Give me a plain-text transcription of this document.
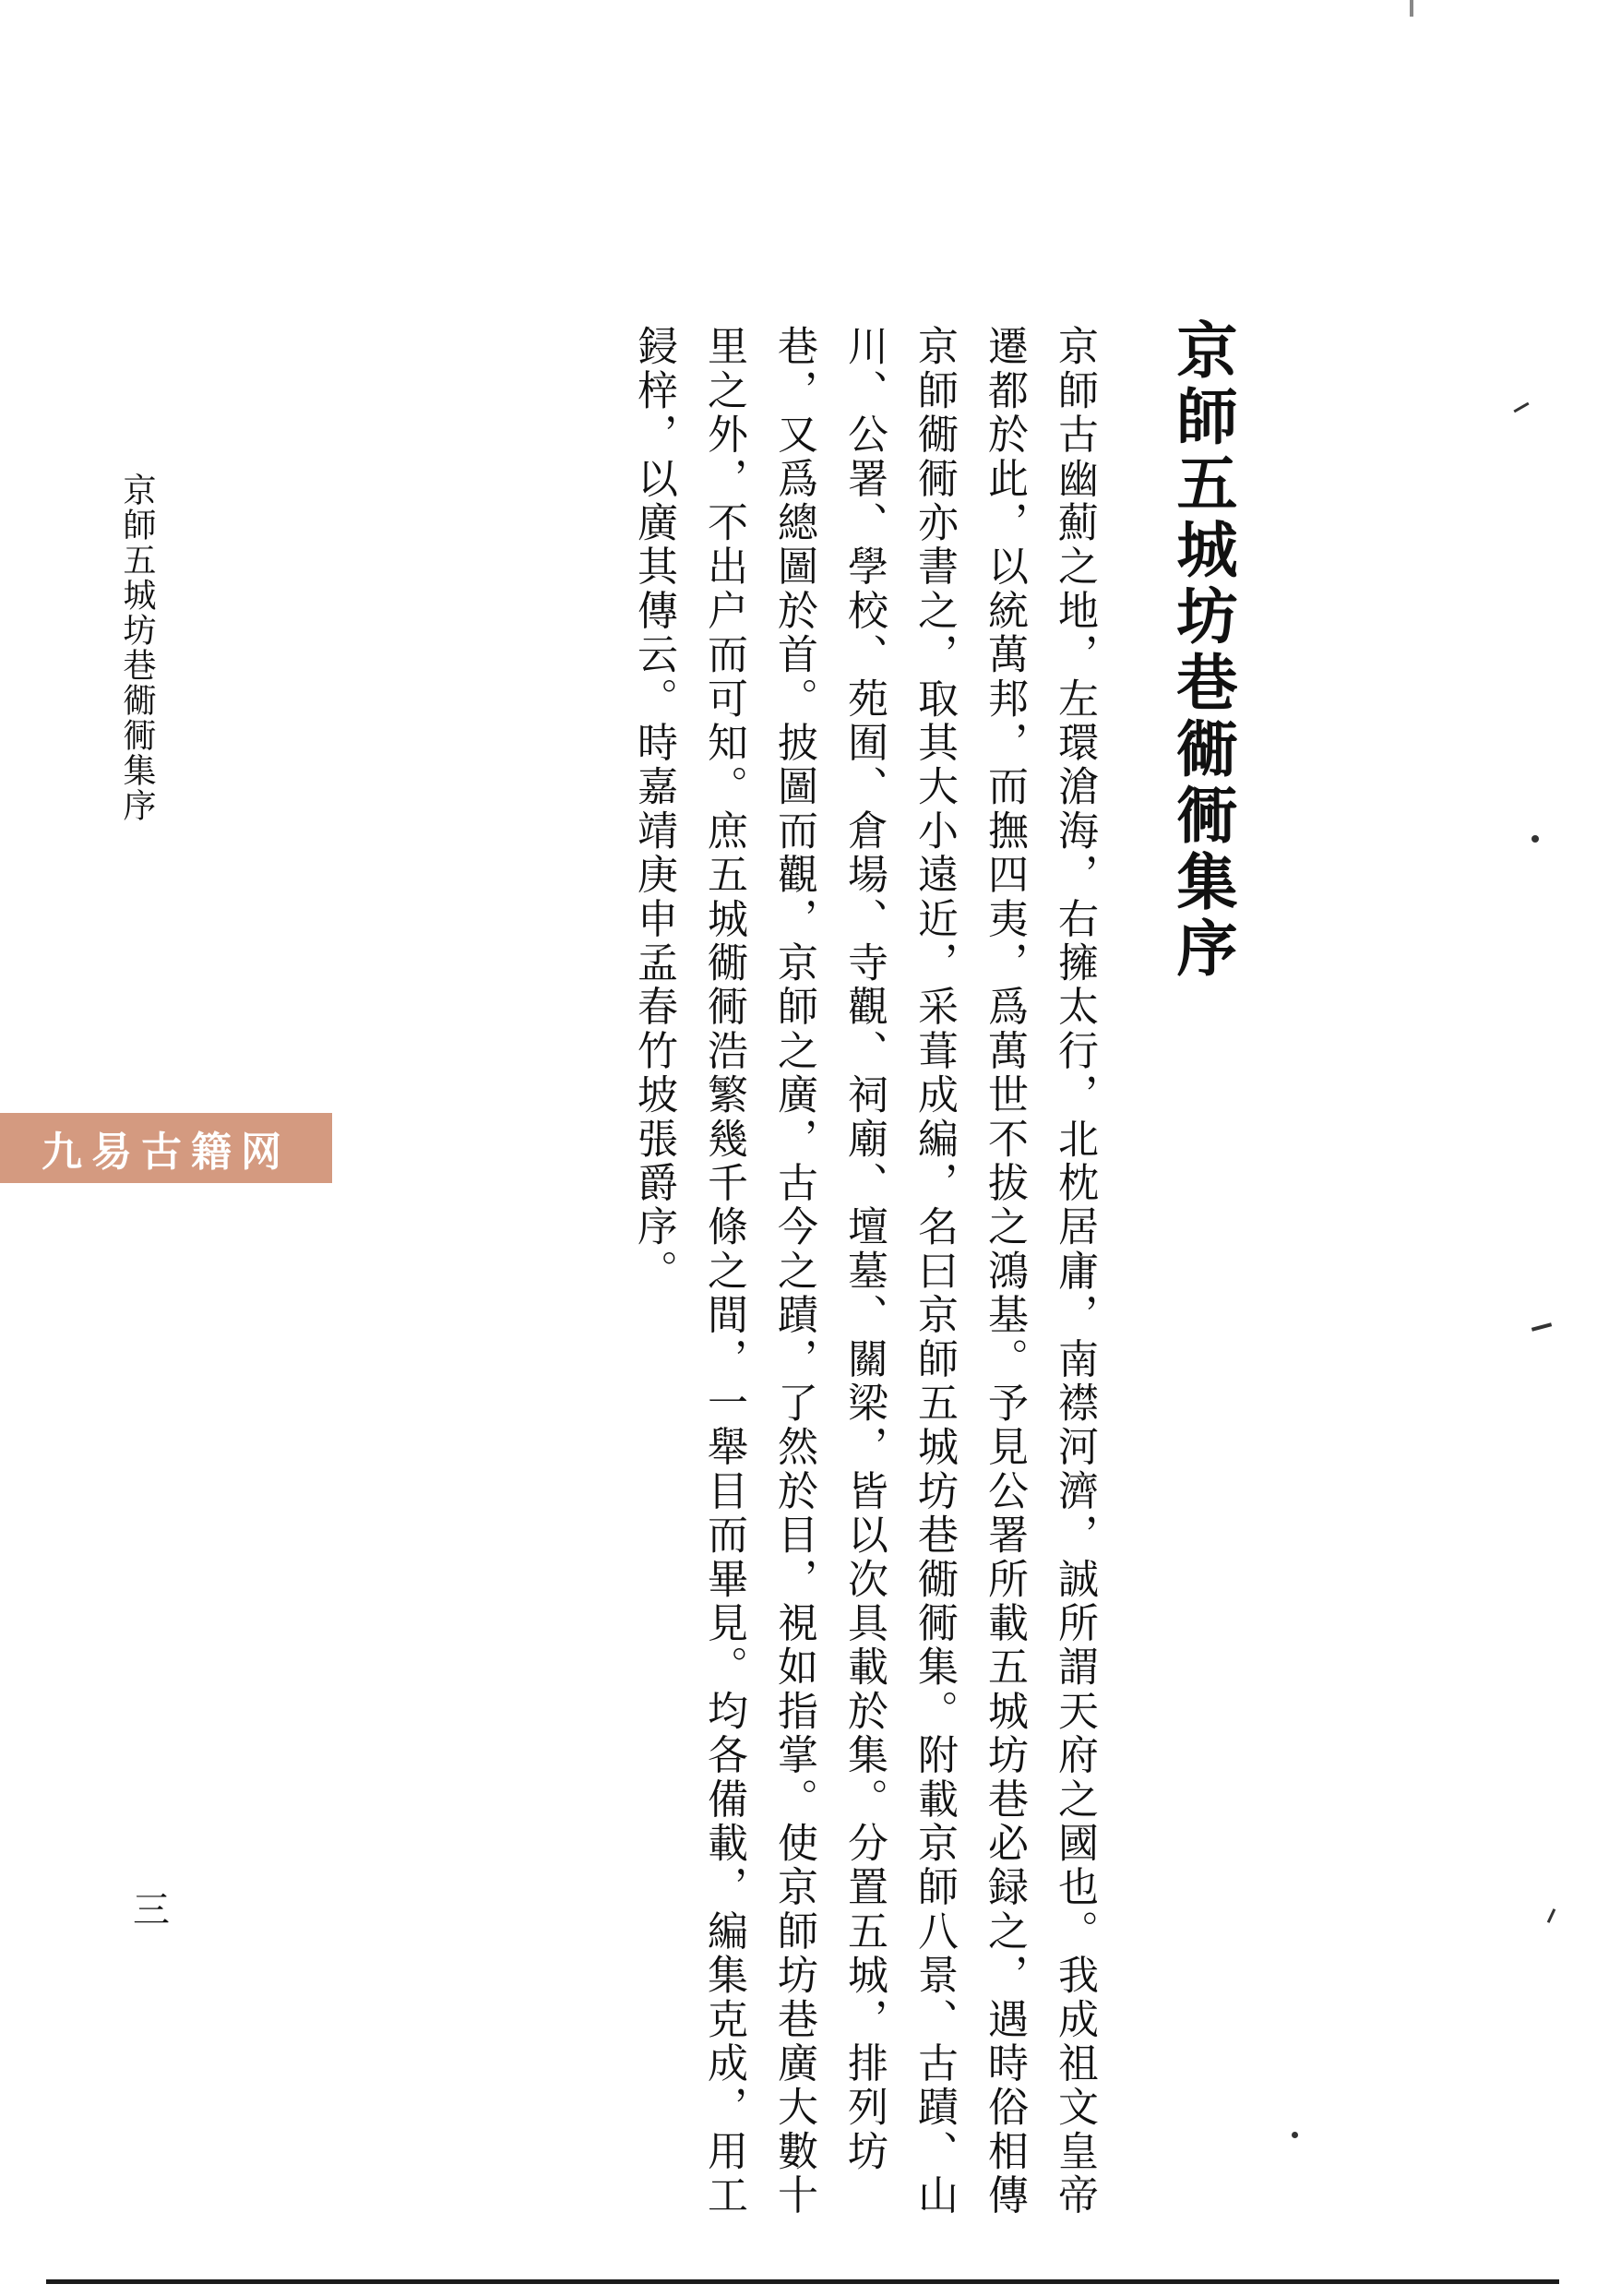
京師五城坊巷衚衕集序
京師古幽薊之地，左環滄海，右擁太行，北枕居庸，南襟河濟，誠所謂天府之國也。我成祖文皇帝
遷都於此，以統萬邦，而撫四夷，爲萬世不拔之鴻基。予見公署所載五城坊巷必録之，遇時俗相傳
京師衚衕亦書之，取其大小遠近，采葺成編，名曰京師五城坊巷衚衕集。附載京師八景、古蹟、山
川、公署、學校、苑囿、倉場、寺觀、祠廟、壇墓、關梁，皆以次具載於集。分置五城，排列坊
巷，又爲總圖於首。披圖而觀，京師之廣，古今之蹟，了然於目，視如指掌。使京師坊巷廣大數十
里之外，不出户而可知。庶五城衚衕浩繁幾千條之間，一舉目而畢見。均各備載，編集克成，用工
鋟梓，以廣其傳云。時嘉靖庚申孟春竹坡張爵序。
京師五城坊巷衚衕集序
三
九易古籍网
